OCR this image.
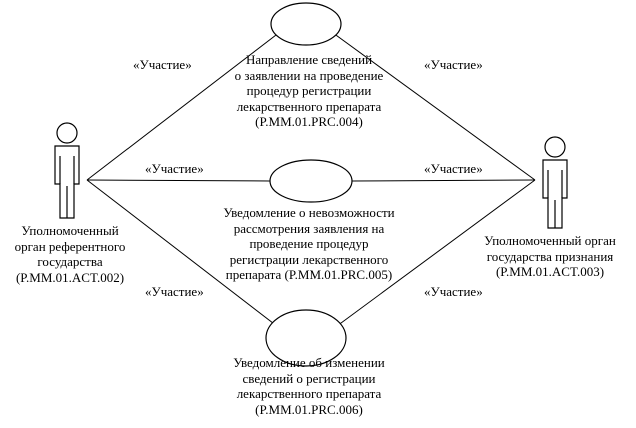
«Участие»
«Участие»
«Участие»
«Участие»
«Участие»
«Участие»
Направление сведений
о заявлении на проведение
процедур регистрации
лекарственного препарата
(P.MM.01.PRC.004)
Уведомление о невозможности
рассмотрения заявления на
проведение процедур
регистрации лекарственного
препарата (P.MM.01.PRC.005)
Уведомление об изменении
сведений о регистрации
лекарственного препарата
(P.MM.01.PRC.006)
Уполномоченный
орган референтного
государства
(P.MM.01.ACT.002)
Уполномоченный орган
государства признания
(P.MM.01.ACT.003)
